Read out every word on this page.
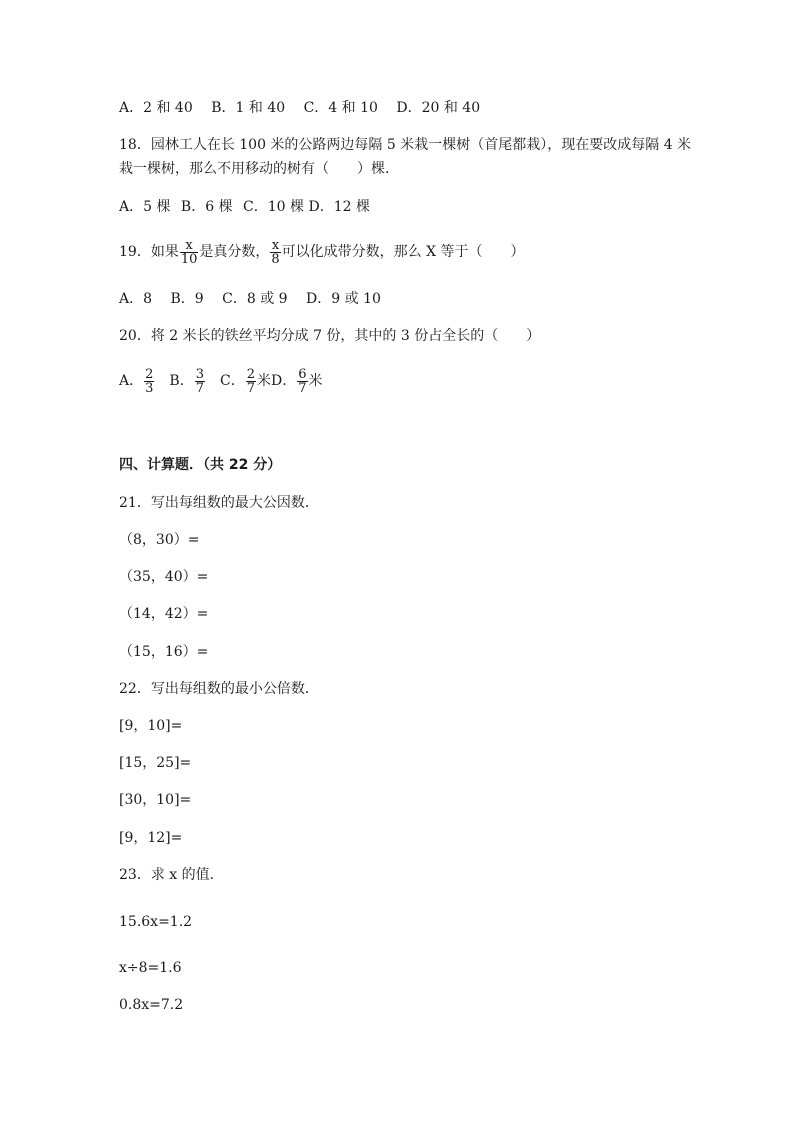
A．2 和 40 B．1 和 40 C．4 和 10 D．20 和 40
18．园林工人在长 100 米的公路两边每隔 5 米栽一棵树（首尾都栽），现在要改成每隔 4 米
栽一棵树，那么不用移动的树有（　　）棵．
A．5 棵 B．6 棵 C．10 棵 D．12 棵
19．如果 $\frac{x}{10}$ 是真分数， $\frac{x}{8}$ 可以化成带分数，那么 X 等于（　　）
A．8 B．9 C．8 或 9 D．9 或 10
20．将 2 米长的铁丝平均分成 7 份，其中的 3 份占全长的（　　）
A． $\frac{2}{3}$ B． $\frac{3}{7}$ C． $\frac{2}{7}$ 米D． $\frac{6}{7}$ 米
四、计算题．（共 22 分）
21．写出每组数的最大公因数．
（8，30）=
（35，40）=
（14，42）=
（15，16）=
22．写出每组数的最小公倍数．
[9，10]=
[15，25]=
[30，10]=
[9，12]=
23．求 x 的值．
15.6x=1.2
x÷8=1.6
0.8x=7.2
